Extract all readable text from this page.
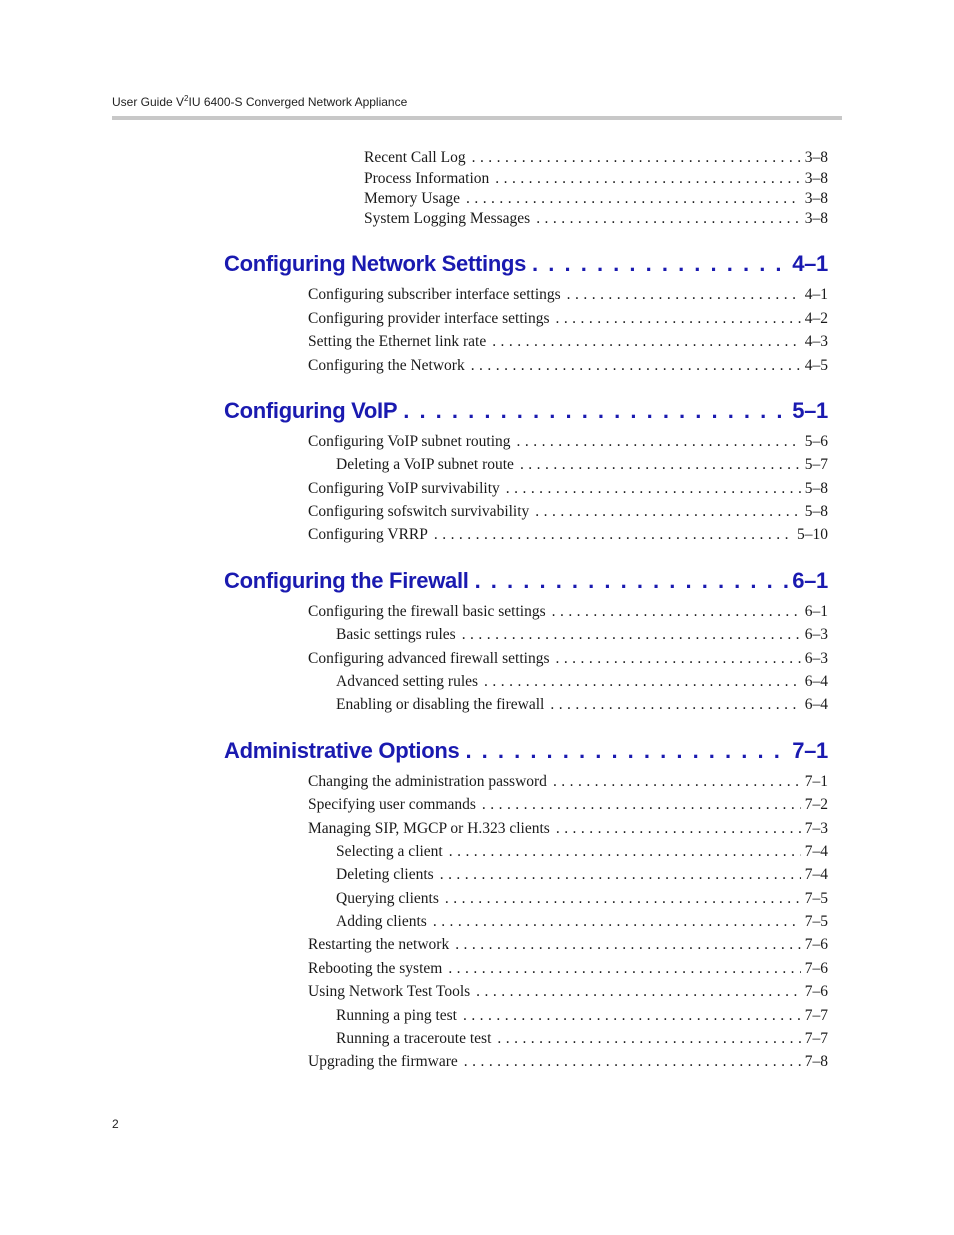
User Guide $V^2IU$ 6400-S Converged Network Appliance
Recent Call Log . . .	3–8
Process Information . . .	3–8
Memory Usage . . .	3–8
System Logging Messages . . .	3–8
Configuring Network Settings . . .	4–1
Configuring subscriber interface settings . . .	4–1
Configuring provider interface settings . . .	4–2
Setting the Ethernet link rate . . .	4–3
Configuring the Network . . .	4–5
Configuring VoIP . . .	5–1
Configuring VoIP subnet routing . . .	5–6
Deleting a VoIP subnet route . . .	5–7
Configuring VoIP survivability . . .	5–8
Configuring sofswitch survivability . . .	5–8
Configuring VRRP . . .	5–10
Configuring the Firewall . . .	6–1
Configuring the firewall basic settings . . .	6–1
Basic settings rules . . .	6–3
Configuring advanced firewall settings . . .	6–3
Advanced setting rules . . .	6–4
Enabling or disabling the firewall . . .	6–4
Administrative Options . . .	7–1
Changing the administration password . . .	7–1
Specifying user commands . . .	7–2
Managing SIP, MGCP or H.323 clients . . .	7–3
Selecting a client . . .	7–4
Deleting clients . . .	7–4
Querying clients . . .	7–5
Adding clients . . .	7–5
Restarting the network . . .	7–6
Rebooting the system . . .	7–6
Using Network Test Tools . . .	7–6
Running a ping test . . .	7–7
Running a traceroute test . . .	7–7
Upgrading the firmware . . .	7–8
2
